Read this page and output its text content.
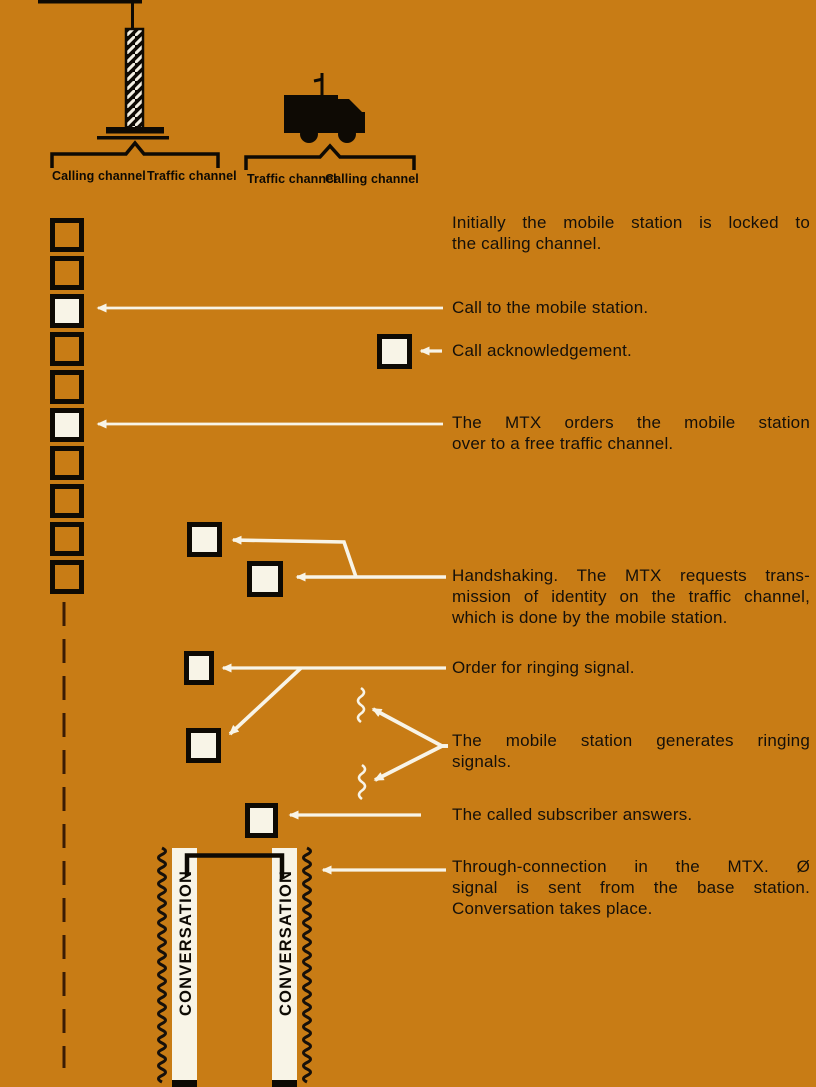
Calling channel Traffic channel Traffic channel
Calling channel
Initially the mobile station is locked to
the calling channel.
Call to the mobile station.
Call acknowledgement.
The MTX orders the mobile station
over to a free traffic channel.
Handshaking. The MTX requests trans-
mission of identity on the traffic channel,
which is done by the mobile station.
Order for ringing signal.
The mobile station generates ringing
signals.
The called subscriber answers.
Through-connection in the MTX. Ø
signal is sent from the base station.
Conversation takes place.
CONVERSATION	CONVERSATION
